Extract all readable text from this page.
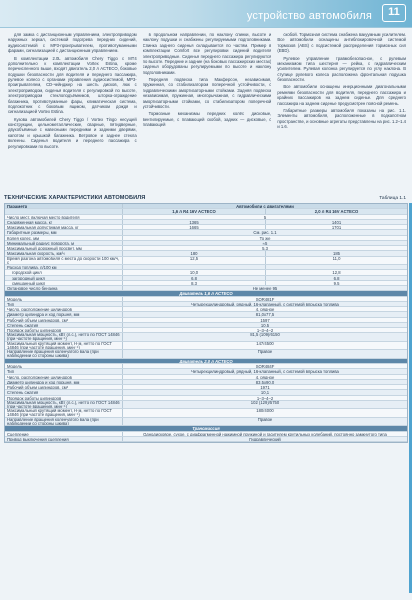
устройство автомобиля	11

для замка с дистанционным управлением, электроприводом наружных зеркал, системой подогрева передних сидений, аудиосистемой с МР3-проигрывателем, противотуманными фарами, сигнализацией с дистанционным управлением.

В комплектации 2.0L автомобиля Chery Tiggo с МТ4 дополнительно к комплектации Vortex Estina, кроме перечисленного выше, входят двигатель 2,0 л ACTECO, боковые подушки безопасности для водителя и переднего пассажира, рулевое колесо с органами управления аудиосистемой, MP3-проигрывателем, CD-чейнджер на шесть дисков, люк с электроприводом, сиденья водителя с регулировкой по высоте, электроприводом стеклоподъёмников, шторка-ограждение багажника, противотуманные фары, климатическая система, подлокотник с боковым ящиком, датчиком дождя и сигнализацией Vortex Estina.

Кузова автомобилей Chery Tiggo / Vortex Tingo несущей конструкции, цельнометаллические, сварные, пятидверные, двухобъёмные с навесными передними и задними дверями, капотом и крышкой багажника. Ветровое и заднее стекла вклеены. Сиденья водителя и переднего пассажира с регулировками по высоте.

в продольном направлении, по наклону спинки, высоте и наклону подушки и снабжены регулируемыми подголовниками. Спинка заднего сиденья складывается по частям. Пример в комплектации Comfort все регулировки сидений водителя электроприводные. Сиденья переднего пассажира регулируются по высоте. Передние и задние (на боковых пассажирских местах) сиденья оборудованы регулируемыми по высоте и наклону подголовниками.

Передняя подвеска типа Макферсон, независимая, пружинная, со стабилизатором поперечной устойчивости, с гидравлическими амортизаторными стойками. Задняя подвеска независимая, пружинная, многорычажная, с гидравлическими амортизаторными стойками, со стабилизатором поперечной устойчивости.

Тормозные механизмы передних колёс дисковые, вентилируемые, с плавающей скобой, задних — дисковые, с плавающей

скобой. Тормозная система снабжена вакуумным усилителем. Все автомобили оснащены антиблокировочной системой тормозов (ABS) с подсистемой распределения тормозных сил (EBD).

Рулевое управление травмобезопасное, с рулевым механизмом типа шестерня — рейка, с гидравлическим усилителем. Рулевая колонка регулируется по углу наклона. В ступице рулевого колеса расположена фронтальная подушка безопасности.

Все автомобили оснащены инерционными диагональными ремнями безопасности для водителя, переднего пассажира и крайних пассажиров на заднем сиденье. Для среднего пассажира на заднем сиденье предусмотрен поясной ремень.

Габаритные размеры автомобиля показаны на рис. 1.1. Элементы автомобиля, расположенные в подкапотном пространстве, и основные агрегаты представлены на рис. 1.2–1.4 и 1.6.

ТЕХНИЧЕСКИЕ ХАРАКТЕРИСТИКИ АВТОМОБИЛЯ	Таблица 1.1
Параметр	Автомобили с двигателями
1,6 л R4 16V ACTECO	2,0 л R4 16V ACTECO
Число мест, включая место водителя	5
Снаряженная масса, кг	1365	1401
Максимальная допустимая масса, кг	1665	1701
Габаритные размеры, мм	См. рис. 1.1
Колея колес, мм	То же
Минимальный радиус поворота, м	≈5
Максимальный дорожный просвет, мм	5,3
Максимальная скорость, км/ч	180	185
Время разгона автомобиля с места до скорости 100 км/ч, с
12,5	11,0
Расход топлива, л/100 км
городской цикл	10,0	12,8
загородный цикл	6,8	6,8
смешанный цикл	8,3	9,5
Октановое число бензина	Не менее 95
Двигатель 1,6 л ACTECO
Модель	SQR481F
Тип	Четырехцилиндровый, рядный, 16-клапанный, с системой впрыска топлива
Число, расположение цилиндров	4, рядное
Диаметр цилиндра и ход поршня, мм	81,0x77,5
Рабочий объем цилиндров, см³	1597
Степень сжатия	10,5
Порядок работы цилиндров	1–3–4–2
Максимальная мощность, кВт (л.с.), нетто по ГОСТ 14846 (при частоте вращения, мин⁻¹)
81,5 (109)/6150
Максимальный крутящий момент, Н·м, нетто по ГОСТ 14846 (при частоте вращения, мин⁻¹)
147/4500
Направление вращения коленчатого вала (при наблюдении со стороны шкива)
Правое
Двигатель 2,0 л ACTECO
Модель	SQR484F
Тип	Четырехцилиндровый, рядный, 16-клапанный, с системой впрыска топлива
Число, расположение цилиндров	4, рядное
Диаметр цилиндра и ход поршня, мм	83,5x90,0
Рабочий объем цилиндров, см³	1971
Степень сжатия	10,1
Порядок работы цилиндров	1–3–4–2
Максимальная мощность, кВт (л.с.), нетто по ГОСТ 14846 (при частоте вращения, мин⁻¹)
102 (129)/5750
Максимальный крутящий момент, Н·м, нетто по ГОСТ 14846 (при частоте вращения, мин⁻¹)
180/4000
Направление вращения коленчатого вала (при наблюдении со стороны шкива)
Правое
Трансмиссия
Сцепление	Однодисковое, сухое, с диафрагменной нажимной пружиной и гасителем крутильных колебаний, постоянно замкнутого типа
Привод выключения сцепления	Гидравлический
